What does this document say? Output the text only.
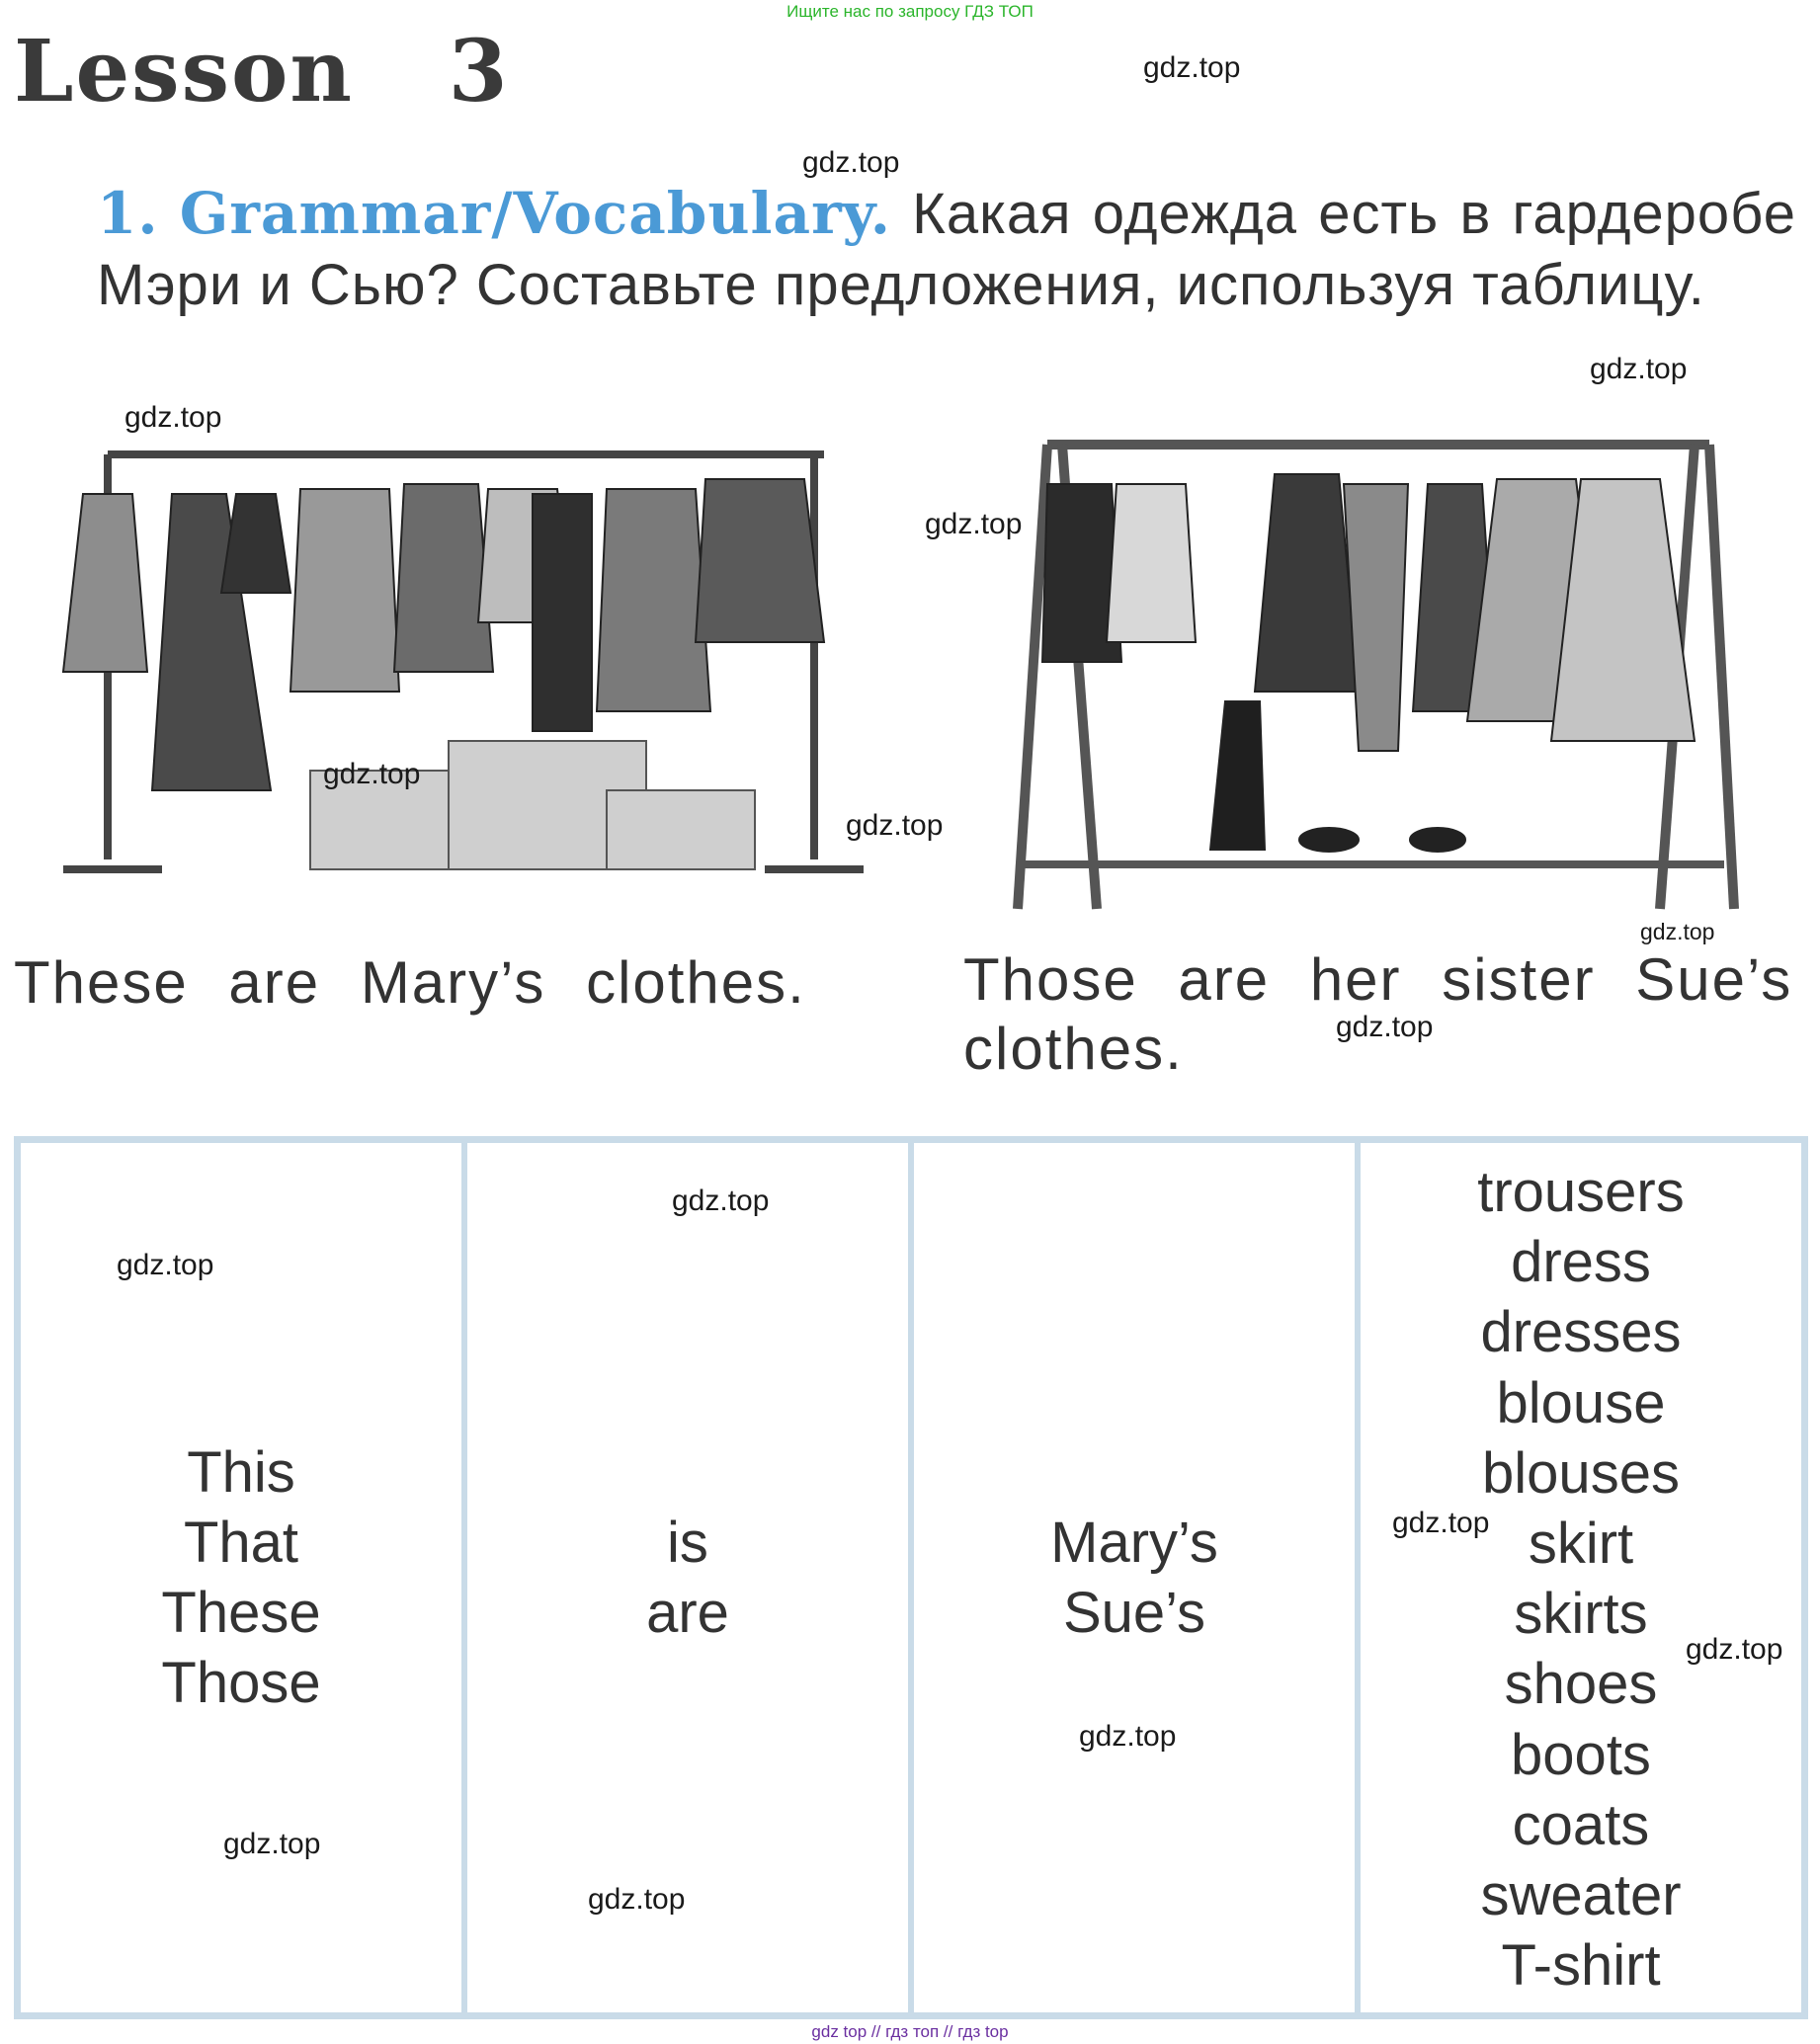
Ищите нас по запросу ГДЗ ТОП
Lesson   3
1. Grammar/Vocabulary. Какая одежда есть в гардеробе Мэри и Сью? Составьте предложения, используя таблицу.
These are Mary’s clothes.	Those are her sister Sue’s
clothes.
This
That
These
Those
is
are
Mary’s
Sue’s
trousers
dress
dresses
blouse
blouses
skirt
skirts
shoes
boots
coats
sweater
T-shirt
gdz.top
gdz.top
gdz.top
gdz.top
gdz.top
gdz.top
gdz.top
gdz.top
gdz.top
gdz.top
gdz.top
gdz.top
gdz.top
gdz.top
gdz.top
gdz.top
gdz top // гдз топ // гдз top
